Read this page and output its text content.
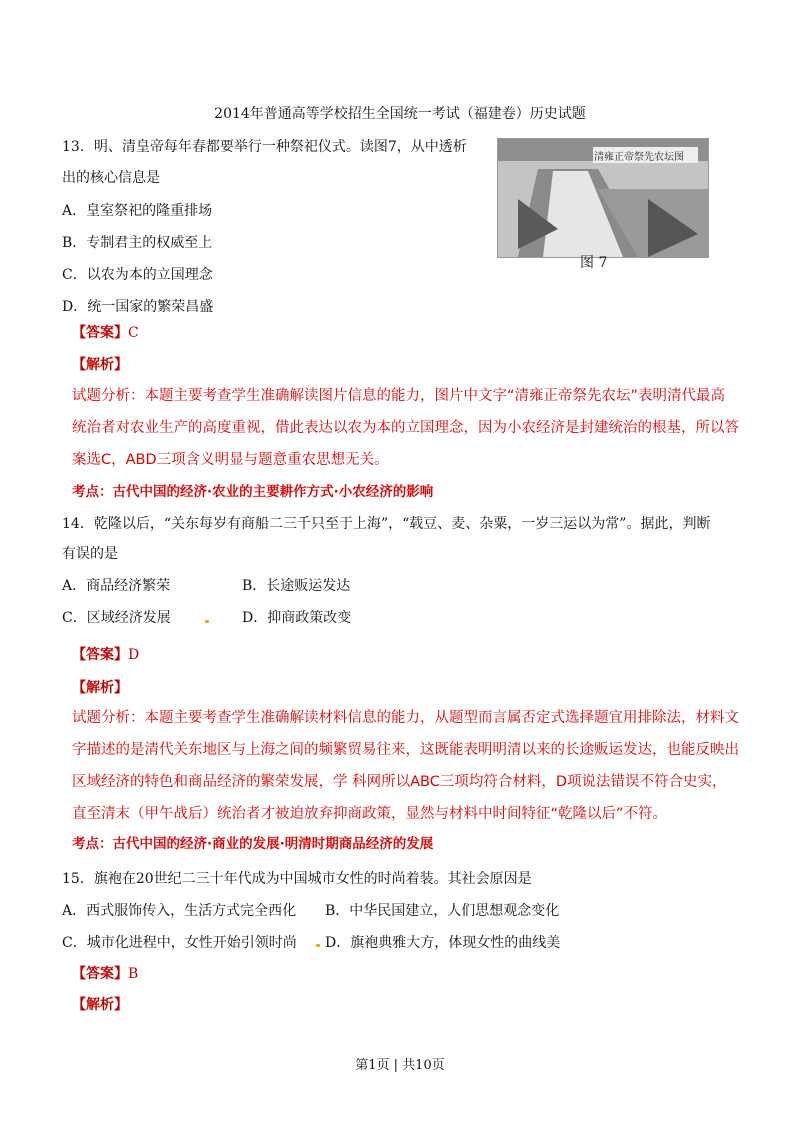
2014年普通高等学校招生全国统一考试（福建卷）历史试题
13．明、清皇帝每年春都要举行一种祭祀仪式。读图7，从中透析
出的核心信息是
A．皇室祭祀的隆重排场
B．专制君主的权威至上
C．以农为本的立国理念
D．统一国家的繁荣昌盛
清雍正帝祭先农坛图
图 7
【答案】C
【解析】
试题分析：本题主要考查学生准确解读图片信息的能力，图片中文字“清雍正帝祭先农坛”表明清代最高
统治者对农业生产的高度重视，借此表达以农为本的立国理念，因为小农经济是封建统治的根基，所以答
案选C，ABD三项含义明显与题意重农思想无关。
考点：古代中国的经济·农业的主要耕作方式·小农经济的影响
14．乾隆以后，“关东每岁有商船二三千只至于上海”，“载豆、麦、杂粟，一岁三运以为常”。据此，判断
有误的是
A．商品经济繁荣	B．长途贩运发达
C．区域经济发展	D．抑商政策改变
【答案】D
【解析】
试题分析：本题主要考查学生准确解读材料信息的能力，从题型而言属否定式选择题宜用排除法，材料文
字描述的是清代关东地区与上海之间的频繁贸易往来，这既能表明明清以来的长途贩运发达，也能反映出
区域经济的特色和商品经济的繁荣发展，学 科网所以ABC三项均符合材料，D项说法错误不符合史实，
直至清末（甲午战后）统治者才被迫放弃抑商政策，显然与材料中时间特征“乾隆以后”不符。
考点：古代中国的经济·商业的发展·明清时期商品经济的发展
15．旗袍在20世纪二三十年代成为中国城市女性的时尚着装。其社会原因是
A．西式服饰传入，生活方式完全西化 B．中华民国建立，人们思想观念变化
C．城市化进程中，女性开始引领时尚 D．旗袍典雅大方，体现女性的曲线美
【答案】B
【解析】
第1页 | 共10页
